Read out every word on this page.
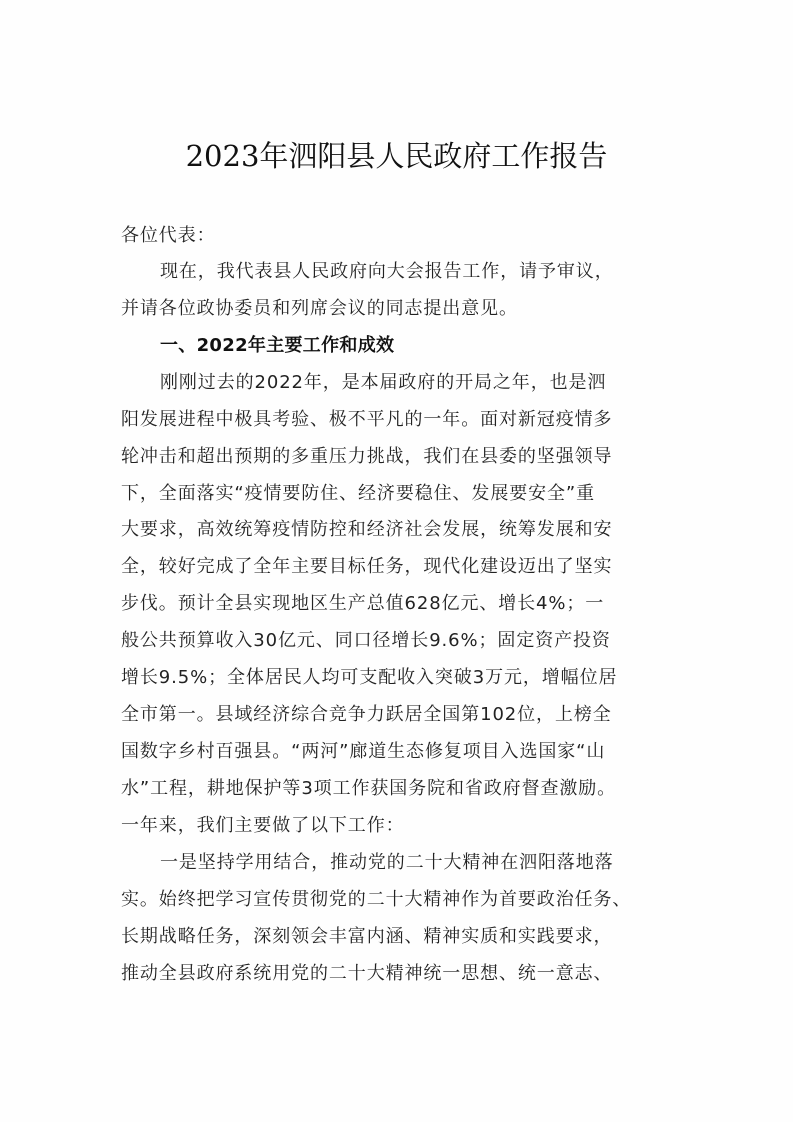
2023年泗阳县人民政府工作报告
各位代表：
现在，我代表县人民政府向大会报告工作，请予审议，
并请各位政协委员和列席会议的同志提出意见。
一、2022年主要工作和成效
刚刚过去的2022年，是本届政府的开局之年，也是泗
阳发展进程中极具考验、极不平凡的一年。面对新冠疫情多
轮冲击和超出预期的多重压力挑战，我们在县委的坚强领导
下，全面落实“疫情要防住、经济要稳住、发展要安全”重
大要求，高效统筹疫情防控和经济社会发展，统筹发展和安
全，较好完成了全年主要目标任务，现代化建设迈出了坚实
步伐。预计全县实现地区生产总值628亿元、增长4%；一
般公共预算收入30亿元、同口径增长9.6%；固定资产投资
增长9.5%；全体居民人均可支配收入突破3万元，增幅位居
全市第一。县域经济综合竞争力跃居全国第102位，上榜全
国数字乡村百强县。“两河”廊道生态修复项目入选国家“山
水”工程，耕地保护等3项工作获国务院和省政府督查激励。
一年来，我们主要做了以下工作：
一是坚持学用结合，推动党的二十大精神在泗阳落地落
实。始终把学习宣传贯彻党的二十大精神作为首要政治任务、
长期战略任务，深刻领会丰富内涵、精神实质和实践要求，
推动全县政府系统用党的二十大精神统一思想、统一意志、
